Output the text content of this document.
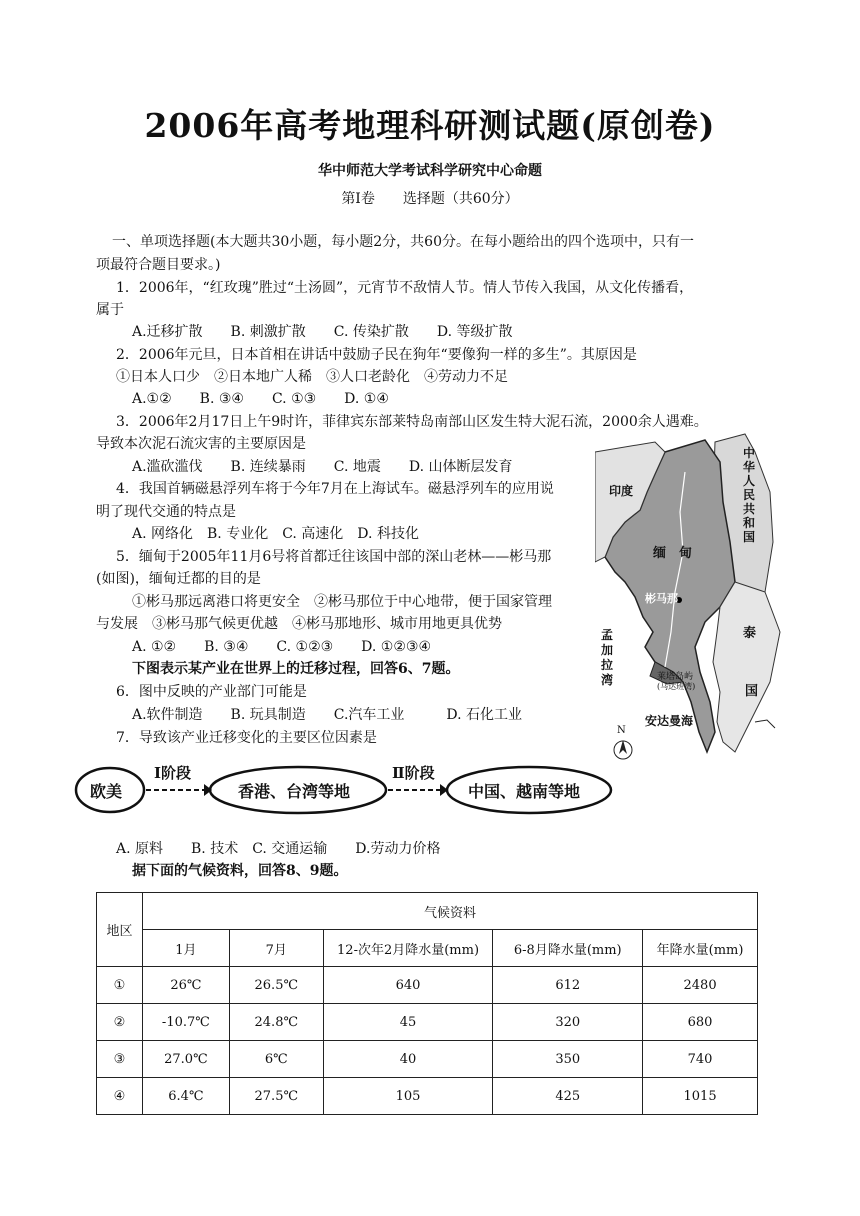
2006年高考地理科研测试题(原创卷)
华中师范大学考试科学研究中心命题
第Ⅰ卷　　选择题（共60分）
一、单项选择题(本大题共30小题，每小题2分，共60分。在每小题给出的四个选项中，只有一
项最符合题目要求。)
1．2006年，“红玫瑰”胜过“土汤圆”，元宵节不敌情人节。情人节传入我国，从文化传播看，
属于
A.迁移扩散　　B. 刺激扩散　　C. 传染扩散　　D. 等级扩散
2．2006年元旦，日本首相在讲话中鼓励子民在狗年“要像狗一样的多生”。其原因是
①日本人口少　②日本地广人稀　③人口老龄化　④劳动力不足
A.①②　　B. ③④　　C. ①③　　D. ①④
3．2006年2月17日上午9时许，菲律宾东部莱特岛南部山区发生特大泥石流，2000余人遇难。
导致本次泥石流灾害的主要原因是
A.滥砍滥伐　　B. 连续暴雨　　C. 地震　　D. 山体断层发育
4．我国首辆磁悬浮列车将于今年7月在上海试车。磁悬浮列车的应用说
明了现代交通的特点是
A. 网络化　B. 专业化　C. 高速化　D. 科技化
5．缅甸于2005年11月6号将首都迁往该国中部的深山老林——彬马那
(如图)，缅甸迁都的目的是
①彬马那远离港口将更安全　②彬马那位于中心地带，便于国家管理
与发展　③彬马那气候更优越　④彬马那地形、城市用地更具优势
A. ①②　　B. ③④　　C. ①②③　　D. ①②③④
下图表示某产业在世界上的迁移过程，回答6、7题。
6．图中反映的产业部门可能是
A.软件制造　　B. 玩具制造　　C.汽车工业　　　D. 石化工业
7．导致该产业迁移变化的主要区位因素是
中华人民共和国
印度
缅　甸
彬马那
孟加拉湾
泰
国
莱塔岛屿
(马达班湾)
安达曼海
N
欧美
Ⅰ阶段
香港、台湾等地
Ⅱ阶段
中国、越南等地
A. 原料　　B. 技术　C. 交通运输　　D.劳动力价格
据下面的气候资料，回答8、9题。
地区	气候资料				
	1月	7月	12-次年2月降水量(mm)	6-8月降水量(mm)	年降水量(mm)
①	26℃	26.5℃	640	612	2480
②	-10.7℃	24.8℃	45	320	680
③	27.0℃	6℃	40	350	740
④	6.4℃	27.5℃	105	425	1015
